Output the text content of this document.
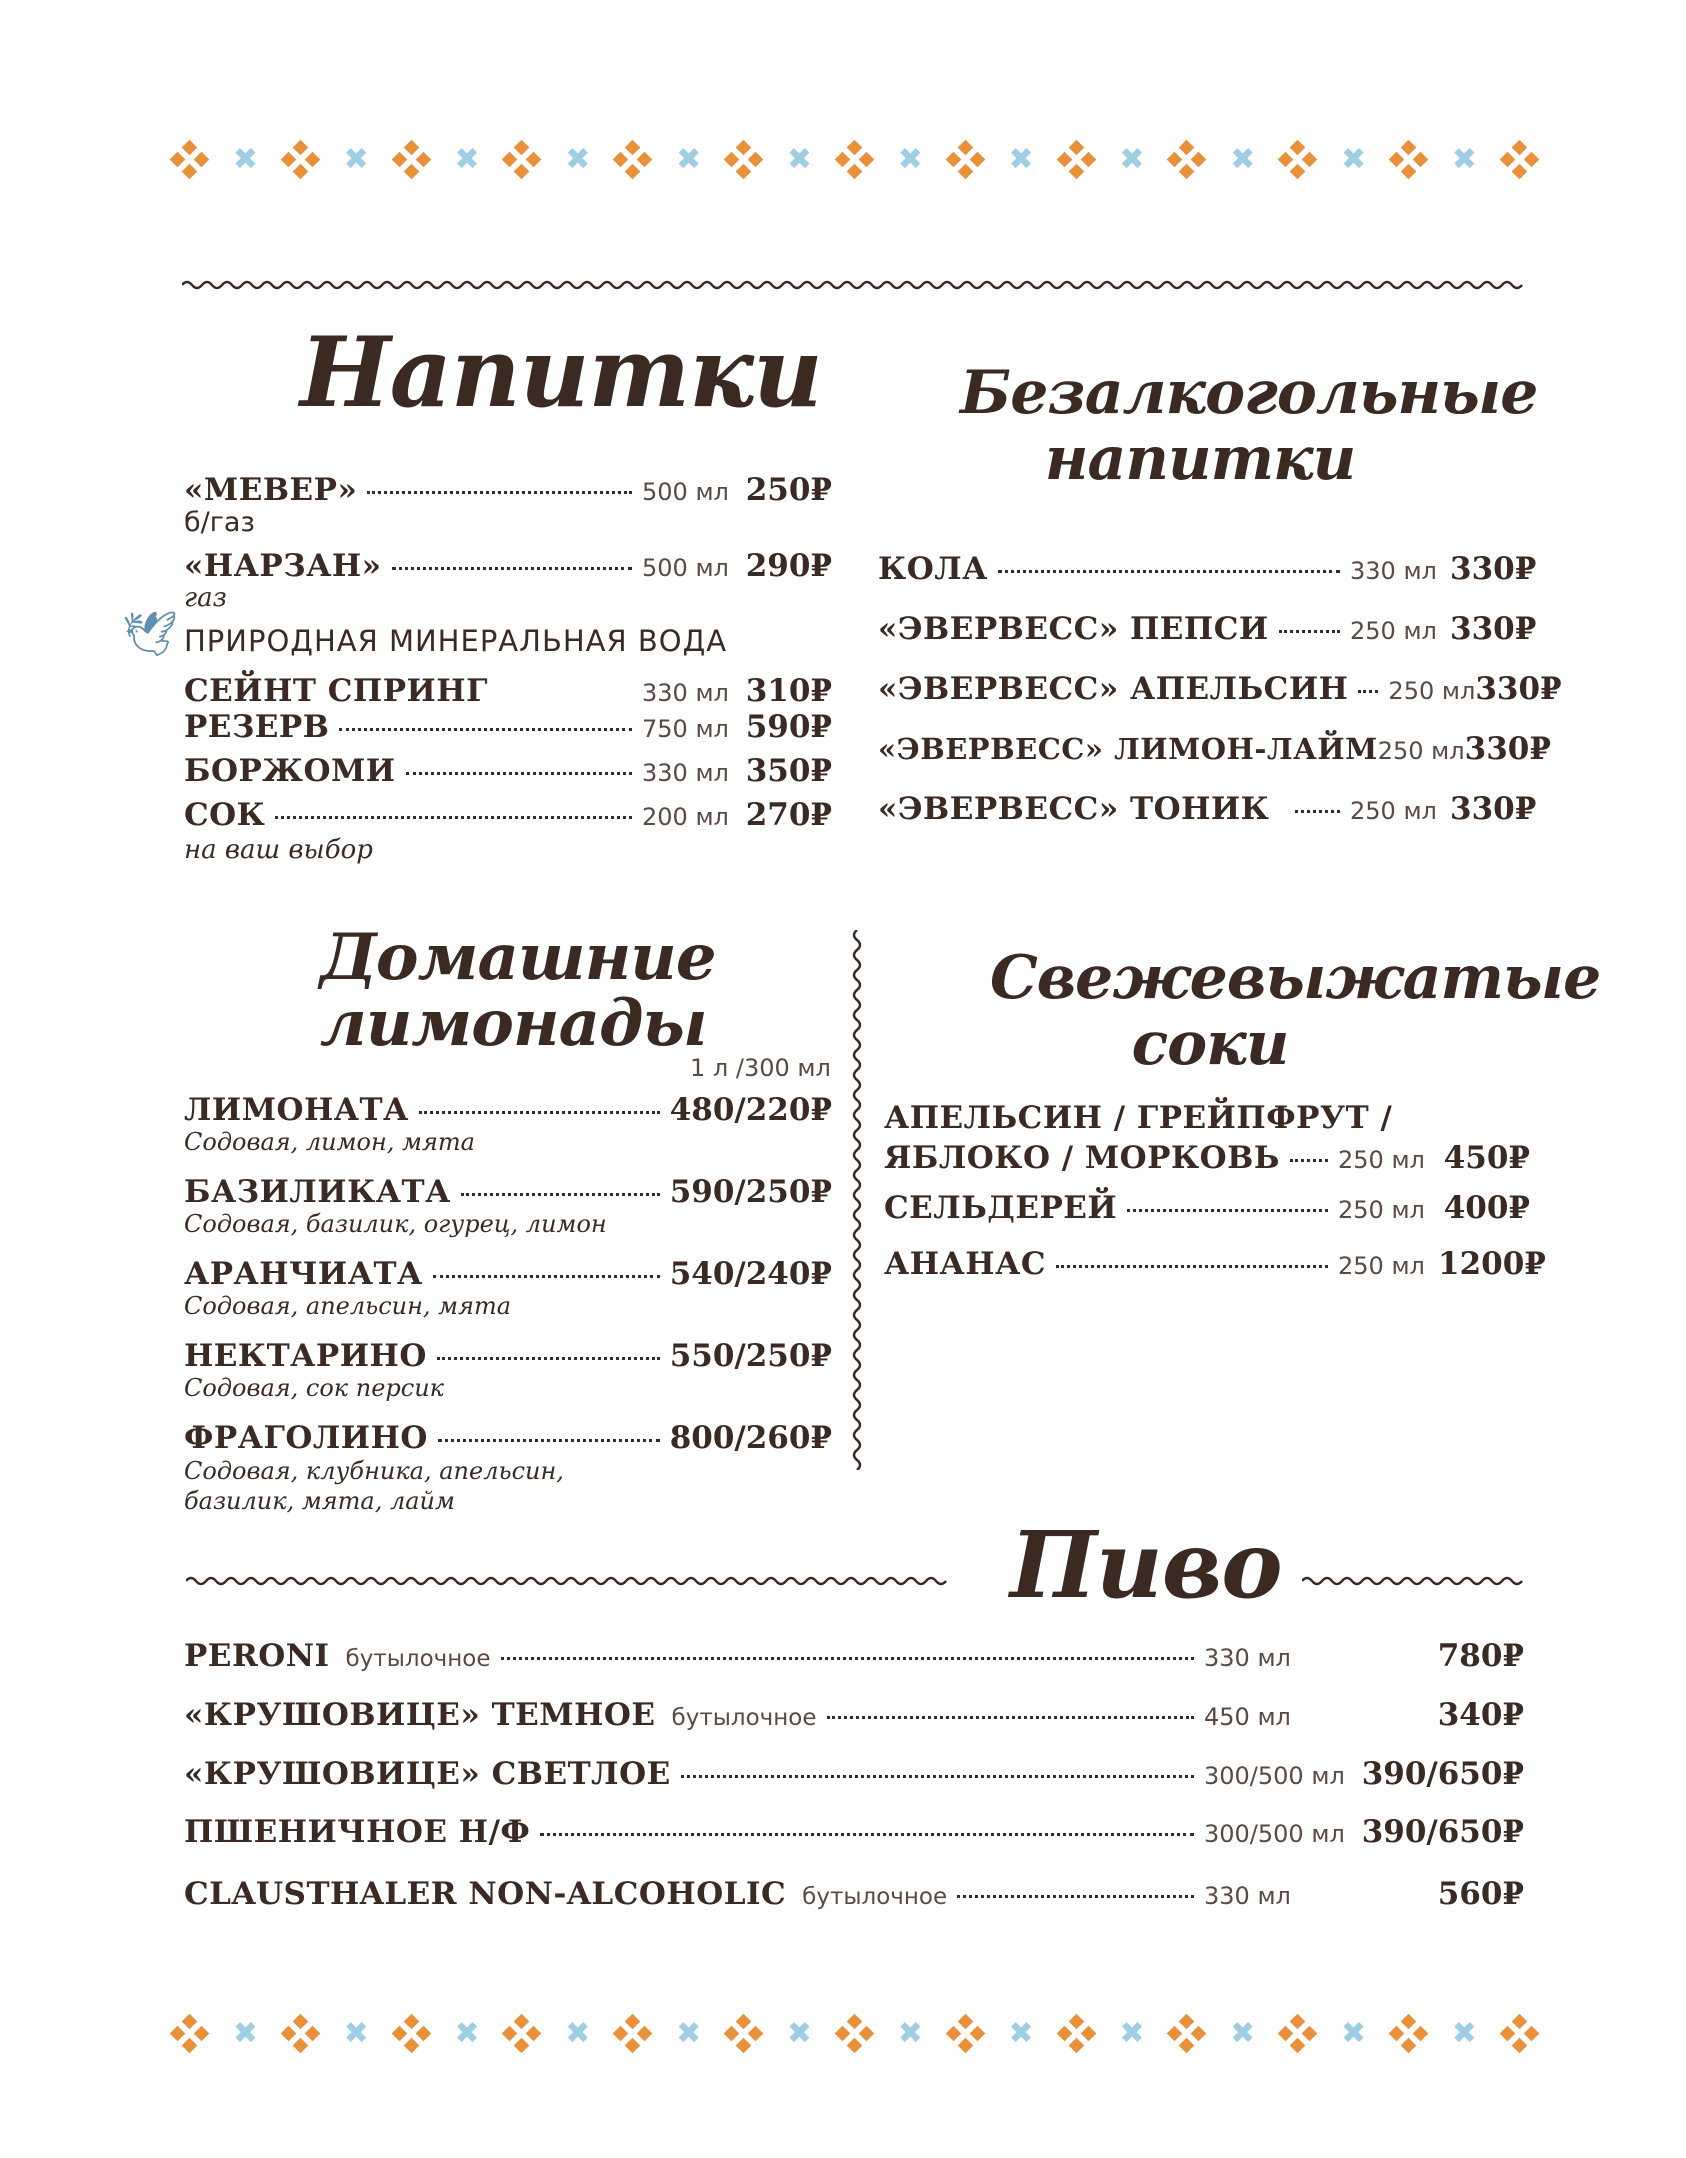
✖	✖	✖	✖	✖	✖	✖	✖	✖	✖	✖	✖
Напитки
«МЕВЕР»	500 мл 250₽
б/газ
«НАРЗАН»	500 мл 290₽
газ
🕊 ПРИРОДНАЯ МИНЕРАЛЬНАЯ ВОДА
СЕЙНТ СПРИНГ	330 мл 310₽
РЕЗЕРВ	750 мл 590₽
БОРЖОМИ	330 мл 350₽
СОК	200 мл 270₽
на ваш выбор
Безалкогольные
напитки
КОЛА	330 мл 330₽
«ЭВЕРВЕСС» ПЕПСИ	250 мл 330₽
«ЭВЕРВЕСС» АПЕЛЬСИН 250 мл 330₽
«ЭВЕРВЕСС» ЛИМОН-ЛАЙМ 250 мл 330₽
«ЭВЕРВЕСС» ТОНИК	250 мл 330₽
Домашние
лимонады
1 л /300 мл
ЛИМОНАТА	480/220₽
Содовая, лимон, мята
БАЗИЛИКАТА	590/250₽
Содовая, базилик, огурец, лимон
АРАНЧИАТА	540/240₽
Содовая, апельсин, мята
НЕКТАРИНО	550/250₽
Содовая, сок персик
ФРАГОЛИНО	800/260₽
Содовая, клубника, апельсин,
базилик, мята, лайм
Свежевыжатые
соки
АПЕЛЬСИН / ГРЕЙПФРУТ /
ЯБЛОКО / МОРКОВЬ 250 мл 450₽
СЕЛЬДЕРЕЙ	250 мл 400₽
АНАНАС	250 мл 1200₽
Пиво
PERONI бутылочное	330 мл	780₽
«КРУШОВИЦЕ» ТЕМНОЕ бутылочное	450 мл	340₽
«КРУШОВИЦЕ» СВЕТЛОЕ	300/500 мл 390/650₽
ПШЕНИЧНОЕ Н/Ф	300/500 мл 390/650₽
CLAUSTHALER NON-ALCOHOLIC бутылочное	330 мл	560₽
✖	✖	✖	✖	✖	✖	✖	✖	✖	✖	✖	✖
